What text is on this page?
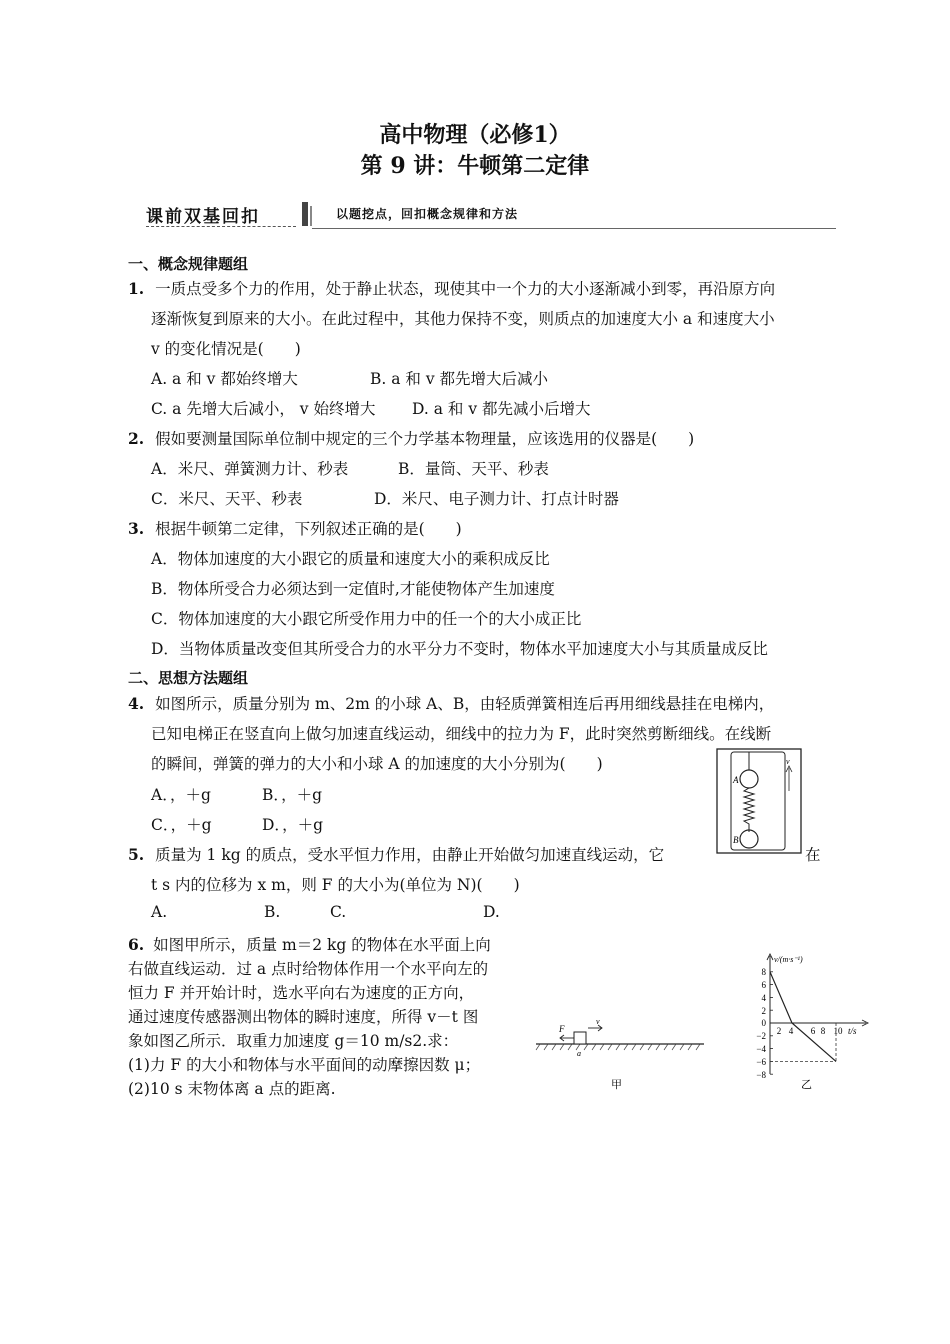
高中物理（必修1）
第 9 讲：牛顿第二定律
课前双基回扣	以题挖点，回扣概念规律和方法
一、概念规律题组
1. 一质点受多个力的作用，处于静止状态，现使其中一个力的大小逐渐减小到零，再沿原方向
逐渐恢复到原来的大小。在此过程中，其他力保持不变，则质点的加速度大小 a 和速度大小
v 的变化情况是(　　)
A. a 和 v 都始终增大	B. a 和 v 都先增大后减小
C. a 先增大后减小， v 始终增大 D. a 和 v 都先减小后增大
2. 假如要测量国际单位制中规定的三个力学基本物理量，应该选用的仪器是(　　)
A．米尺、弹簧测力计、秒表	B．量筒、天平、秒表
C．米尺、天平、秒表	D．米尺、电子测力计、打点计时器
3. 根据牛顿第二定律，下列叙述正确的是(　　)
A．物体加速度的大小跟它的质量和速度大小的乘积成反比
B．物体所受合力必须达到一定值时,才能使物体产生加速度
C．物体加速度的大小跟它所受作用力中的任一个的大小成正比
D．当物体质量改变但其所受合力的水平分力不变时，物体水平加速度大小与其质量成反比
二、思想方法题组
4. 如图所示，质量分别为 m、2m 的小球 A、B，由轻质弹簧相连后再用细线悬挂在电梯内，
已知电梯正在竖直向上做匀加速直线运动，细线中的拉力为 F，此时突然剪断细线。在线断
的瞬间，弹簧的弹力的大小和小球 A 的加速度的大小分别为(　　)
A．，＋g	B．，＋g
C．，＋g	D．，＋g
A
B
v
5. 质量为 1 kg 的质点，受水平恒力作用，由静止开始做匀加速直线运动，它	在
t s 内的位移为 x m，则 F 的大小为(单位为 N)(　　)
A.	B.	C.	D.
6. 如图甲所示，质量 m＝2 kg 的物体在水平面上向
右做直线运动．过 a 点时给物体作用一个水平向左的
恒力 F 并开始计时，选水平向右为速度的正方向，
通过速度传感器测出物体的瞬时速度，所得 v－t 图
象如图乙所示．取重力加速度 g＝10 m/s2.求：
(1)力 F 的大小和物体与水平面间的动摩擦因数 μ；
(2)10 s 末物体离 a 点的距离.
F
v
a
甲
8
6
4
2
0
−2
−4
−6
−8
2 4 6 8 10
v/(m·s⁻¹)
t/s
乙
